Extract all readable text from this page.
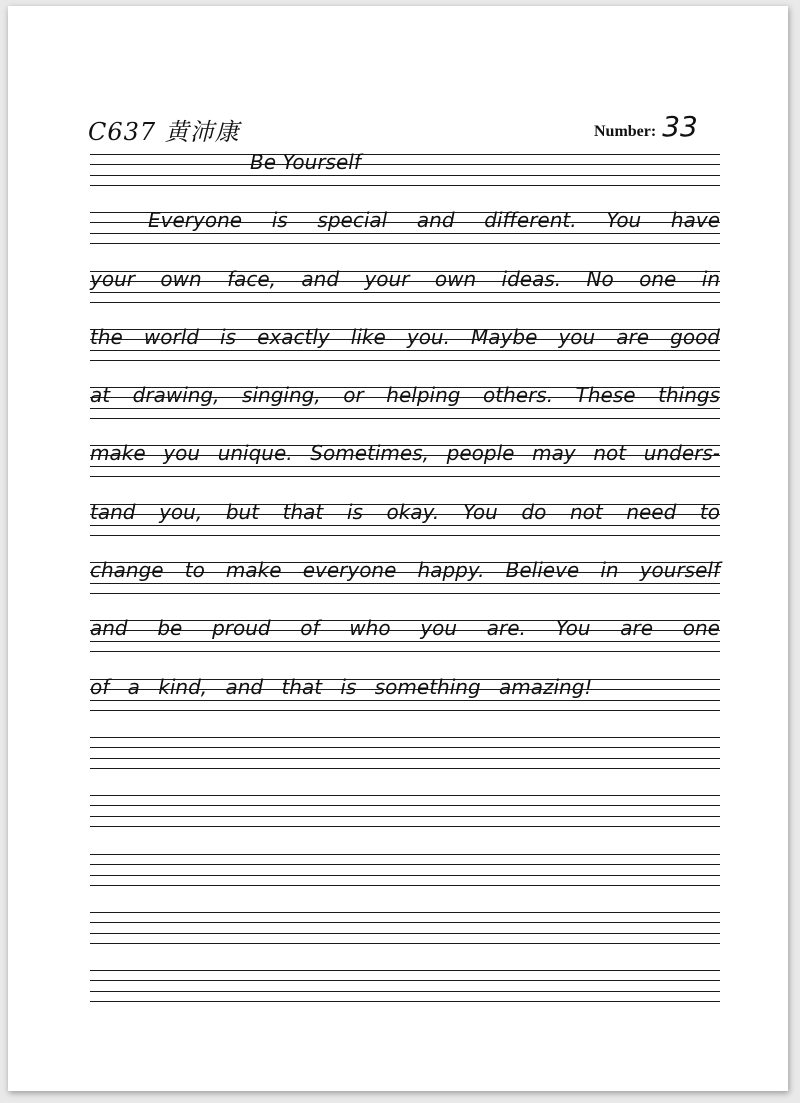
C637 黄沛康	Number: 33
Be Yourself
Everyone is special and different. You have
your own face, and your own ideas. No one in
the world is exactly like you. Maybe you are good
at drawing, singing, or helping others. These things
make you unique. Sometimes, people may not unders-
tand you, but that is okay. You do not need to
change to make everyone happy. Believe in yourself
and be proud of who you are. You are one
of a kind, and that is something amazing!
